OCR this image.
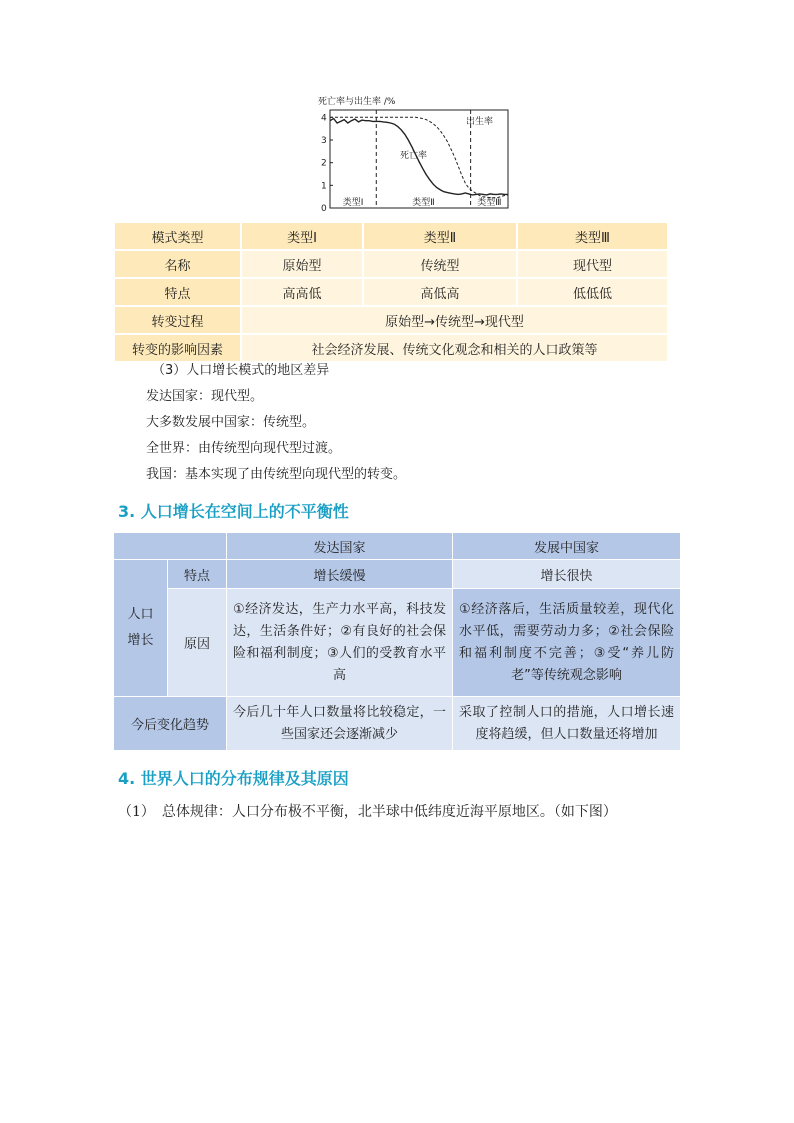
死亡率与出生率 /%
0
1
2
3
4
类型Ⅰ	类型Ⅱ	类型Ⅲ
出生率
死亡率
模式类型	类型Ⅰ	类型Ⅱ	类型Ⅲ
名称	原始型	传统型	现代型
特点	高高低	高低高	低低低
转变过程	原始型→传统型→现代型		
转变的影响因素	社会经济发展、传统文化观念和相关的人口政策等		
（3）人口增长模式的地区差异
发达国家：现代型。
大多数发展中国家：传统型。
全世界：由传统型向现代型过渡。
我国：基本实现了由传统型向现代型的转变。
3. 人口增长在空间上的不平衡性
		发达国家	发展中国家
人口增长	特点	增长缓慢	增长很快
	原因	①经济发达，生产力水平高，科技发达，生活条件好；②有良好的社会保险和福利制度；③人们的受教育水平高	①经济落后，生活质量较差，现代化水平低，需要劳动力多；②社会保险和福利制度不完善；③受“养儿防老”等传统观念影响
今后变化趋势		今后几十年人口数量将比较稳定，一些国家还会逐渐减少	采取了控制人口的措施，人口增长速度将趋缓，但人口数量还将增加
4. 世界人口的分布规律及其原因
（1）　总体规律：人口分布极不平衡，北半球中低纬度近海平原地区。（如下图）
